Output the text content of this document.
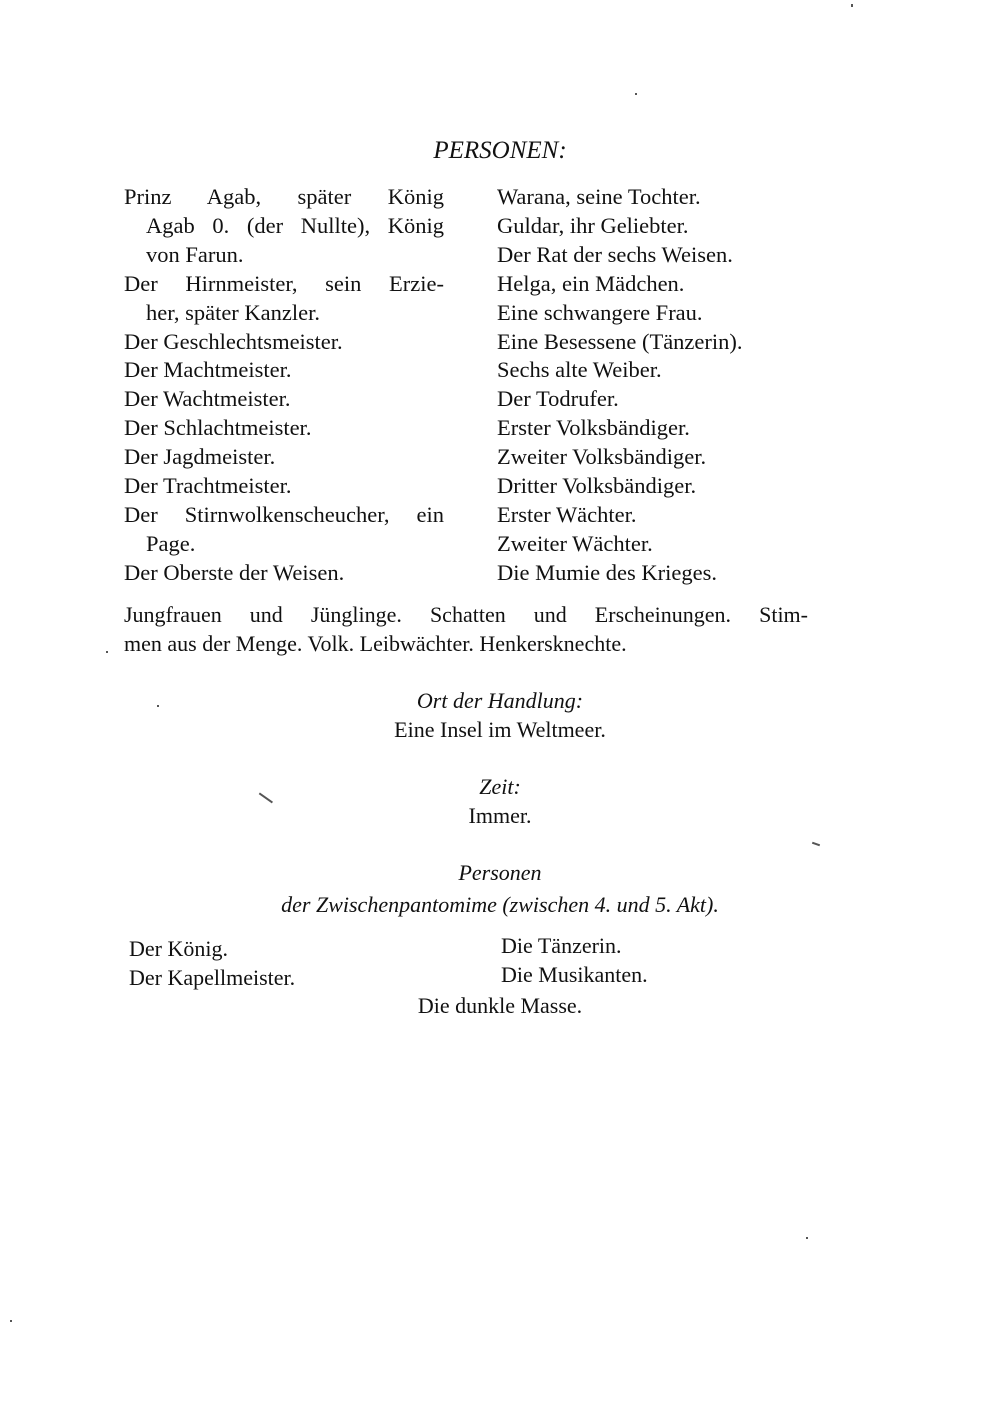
PERSONEN:
Prinz Agab, später König
Agab 0. (der Nullte), König
von Farun.
Der Hirnmeister, sein Erzie-
her, später Kanzler.
Der Geschlechtsmeister.
Der Machtmeister.
Der Wachtmeister.
Der Schlachtmeister.
Der Jagdmeister.
Der Trachtmeister.
Der Stirnwolkenscheucher, ein
Page.
Der Oberste der Weisen.
Warana, seine Tochter.
Guldar, ihr Geliebter.
Der Rat der sechs Weisen.
Helga, ein Mädchen.
Eine schwangere Frau.
Eine Besessene (Tänzerin).
Sechs alte Weiber.
Der Todrufer.
Erster Volksbändiger.
Zweiter Volksbändiger.
Dritter Volksbändiger.
Erster Wächter.
Zweiter Wächter.
Die Mumie des Krieges.
Jungfrauen und Jünglinge. Schatten und Erscheinungen. Stim-
men aus der Menge. Volk. Leibwächter. Henkersknechte.
Ort der Handlung:
Eine Insel im Weltmeer.
Zeit:
Immer.
Personen
der Zwischenpantomime (zwischen 4. und 5. Akt).
Der König.
Der Kapellmeister.
Die Tänzerin.
Die Musikanten.
Die dunkle Masse.
